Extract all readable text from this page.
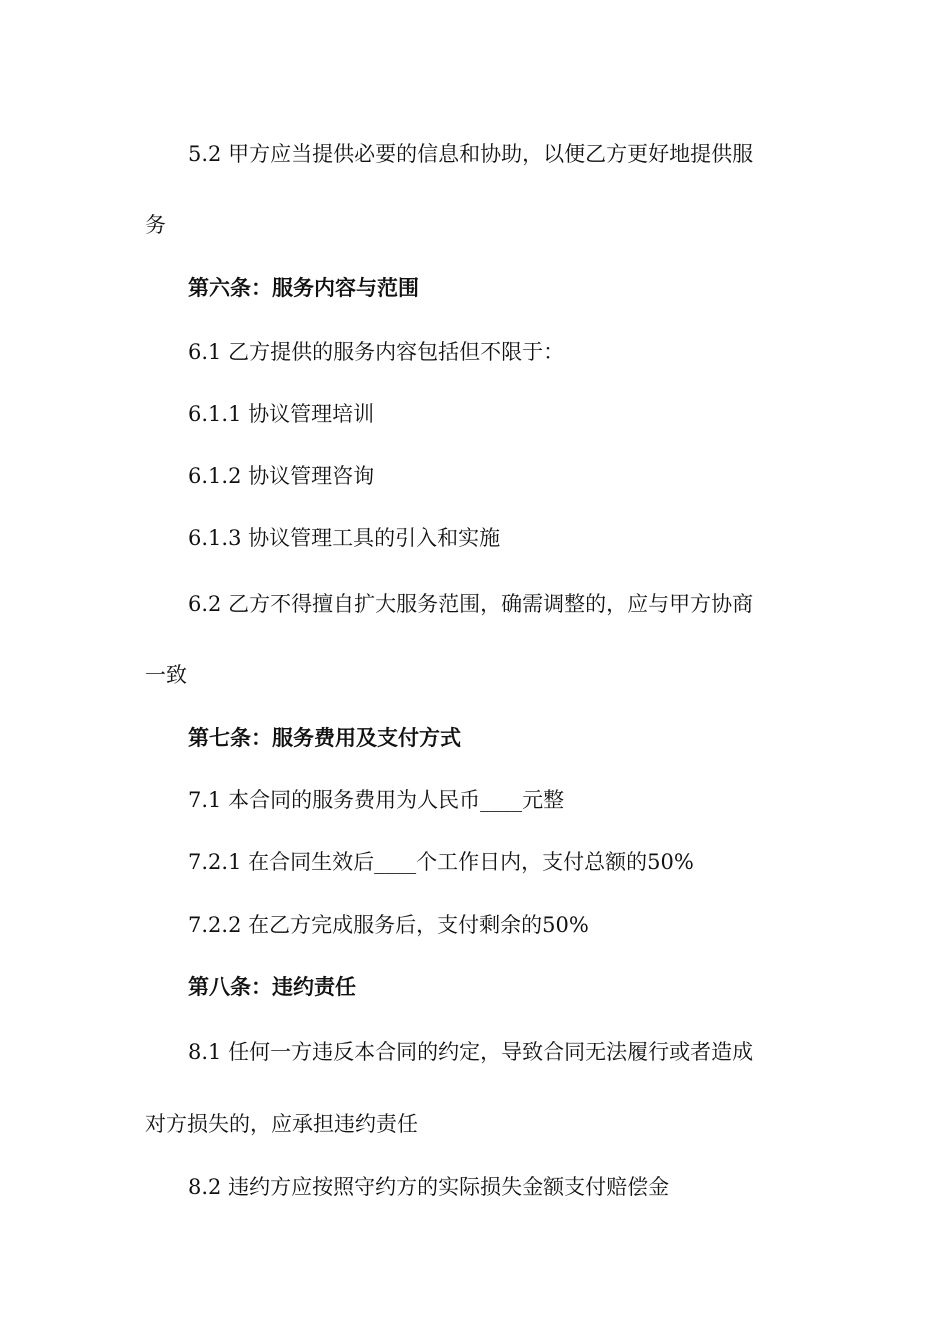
5.2 甲方应当提供必要的信息和协助，以便乙方更好地提供服
务
第六条：服务内容与范围
6.1 乙方提供的服务内容包括但不限于：
6.1.1 协议管理培训
6.1.2 协议管理咨询
6.1.3 协议管理工具的引入和实施
6.2 乙方不得擅自扩大服务范围，确需调整的，应与甲方协商
一致
第七条：服务费用及支付方式
7.1 本合同的服务费用为人民币____元整
7.2.1 在合同生效后____个工作日内，支付总额的50%
7.2.2 在乙方完成服务后，支付剩余的50%
第八条：违约责任
8.1 任何一方违反本合同的约定，导致合同无法履行或者造成
对方损失的，应承担违约责任
8.2 违约方应按照守约方的实际损失金额支付赔偿金
